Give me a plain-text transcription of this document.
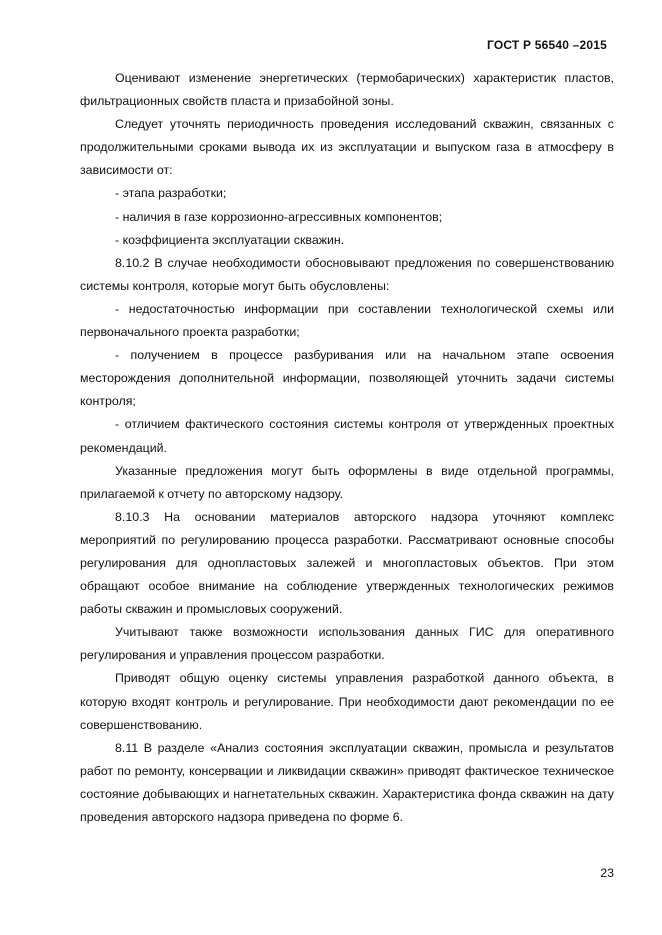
ГОСТ Р 56540 –2015

Оценивают изменение энергетических (термобарических) характеристик пластов, фильтрационных свойств пласта и призабойной зоны.

Следует уточнять периодичность проведения исследований скважин, связанных с продолжительными сроками вывода их из эксплуатации и выпуском газа в атмосферу в зависимости от:

- этапа разработки;

- наличия в газе коррозионно-агрессивных компонентов;

- коэффициента эксплуатации скважин.

8.10.2 В случае необходимости обосновывают предложения по совершенствованию системы контроля, которые могут быть обусловлены:

- недостаточностью информации при составлении технологической схемы или первоначального проекта разработки;

- получением в процессе разбуривания или на начальном этапе освоения месторождения дополнительной информации, позволяющей уточнить задачи системы контроля;

- отличием фактического состояния системы контроля от утвержденных проектных рекомендаций.

Указанные предложения могут быть оформлены в виде отдельной программы, прилагаемой к отчету по авторскому надзору.

8.10.3 На основании материалов авторского надзора уточняют комплекс мероприятий по регулированию процесса разработки. Рассматривают основные способы регулирования для однопластовых залежей и многопластовых объектов. При этом обращают особое внимание на соблюдение утвержденных технологических режимов работы скважин и промысловых сооружений.

Учитывают также возможности использования данных ГИС для оперативного регулирования и управления процессом разработки.

Приводят общую оценку системы управления разработкой данного объекта, в которую входят контроль и регулирование. При необходимости дают рекомендации по ее совершенствованию.

8.11 В разделе «Анализ состояния эксплуатации скважин, промысла и результатов работ по ремонту, консервации и ликвидации скважин» приводят фактическое техническое состояние добывающих и нагнетательных скважин. Характеристика фонда скважин на дату проведения авторского надзора приведена по форме 6.

23
